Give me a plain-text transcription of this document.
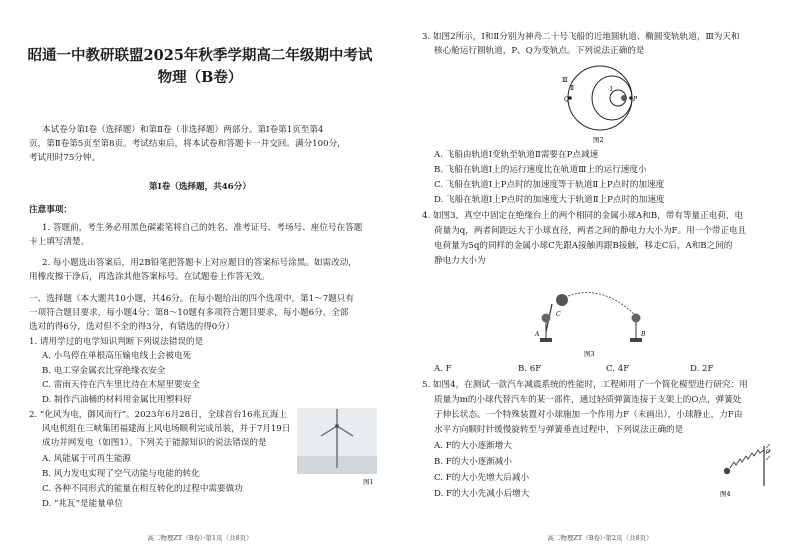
昭通一中教研联盟2025年秋季学期高二年级期中考试
物理（B卷）
本试卷分第Ⅰ卷（选择题）和第Ⅱ卷（非选择题）两部分。第Ⅰ卷第1页至第4
页，第Ⅱ卷第5页至第8页。考试结束后，将本试卷和答题卡一并交回。满分100分，
考试用时75分钟。
第Ⅰ卷（选择题，共46分）
注意事项：
1. 答题前，考生务必用黑色碳素笔将自己的姓名、准考证号、考场号、座位号在答题
卡上填写清楚。
2. 每小题选出答案后，用2B铅笔把答题卡上对应题目的答案标号涂黑。如需改动，
用橡皮擦干净后，再选涂其他答案标号。在试题卷上作答无效。
一、选择题（本大题共10小题，共46分。在每小题给出的四个选项中，第1～7题只有
一项符合题目要求，每小题4分；第8～10题有多项符合题目要求，每小题6分，全部
选对的得6分，选对但不全的得3分，有错选的得0分）
1. 请用学过的电学知识判断下列说法错误的是
A. 小鸟停在单根高压输电线上会被电死
B. 电工穿金属衣比穿绝缘衣安全
C. 雷雨天待在汽车里比待在木屋里要安全
D. 制作汽油桶的材料用金属比用塑料好
2. “化风为电，御风而行”。2023年6月28日，全球首台16兆瓦海上
风电机组在三峡集团福建海上风电场顺利完成吊装，并于7月19日
成功并网发电（如图1）。下列关于能源知识的说法错误的是
A. 风能属于可再生能源
B. 风力发电实现了空气动能与电能的转化
C. 各种不同形式的能量在相互转化的过程中需要做功
D. “兆瓦”是能量单位
图1
高二物理ZT（B卷）·第1页（共8页）
3. 如图2所示，Ⅰ和Ⅱ分别为神舟二十号飞船的近地圆轨道、椭圆变轨轨道，Ⅲ为天和
核心舱运行圆轨道，P、Q为变轨点。下列说法正确的是
Ⅲ
Ⅱ	Ⅰ
Q	P
图2
A. 飞船由轨道Ⅰ变轨至轨道Ⅱ需要在P点减速
B. 飞船在轨道Ⅰ上的运行速度比在轨道Ⅲ上的运行速度小
C. 飞船在轨道Ⅰ上P点时的加速度等于轨道Ⅱ上P点时的加速度
D. 飞船在轨道Ⅰ上P点时的加速度大于轨道Ⅱ上P点时的加速度
4. 如图3，真空中固定在绝缘台上的两个相同的金属小球A和B，带有等量正电荷，电
荷量为q，两者间距远大于小球直径，两者之间的静电力大小为F。用一个带正电且
电荷量为5q的同样的金属小球C先跟A接触再跟B接触，移走C后，A和B之间的
静电力大小为
A
C
B
图3
A. F	B. 6F	C. 4F	D. 2F
5. 如图4，在测试一款汽车减震系统的性能时，工程师用了一个简化模型进行研究：用
质量为m的小球代替汽车的某一部件，通过轻质弹簧连接于支架上的O点，弹簧处
于伸长状态。一个特殊装置对小球施加一个作用力F（未画出），小球静止，力F由
水平方向顺时针缓慢旋转至与弹簧垂直过程中，下列说法正确的是
A. F的大小逐渐增大
B. F的大小逐渐减小
C. F的大小先增大后减小
D. F的大小先减小后增大
O
图4
高二物理ZT（B卷）·第2页（共8页）
